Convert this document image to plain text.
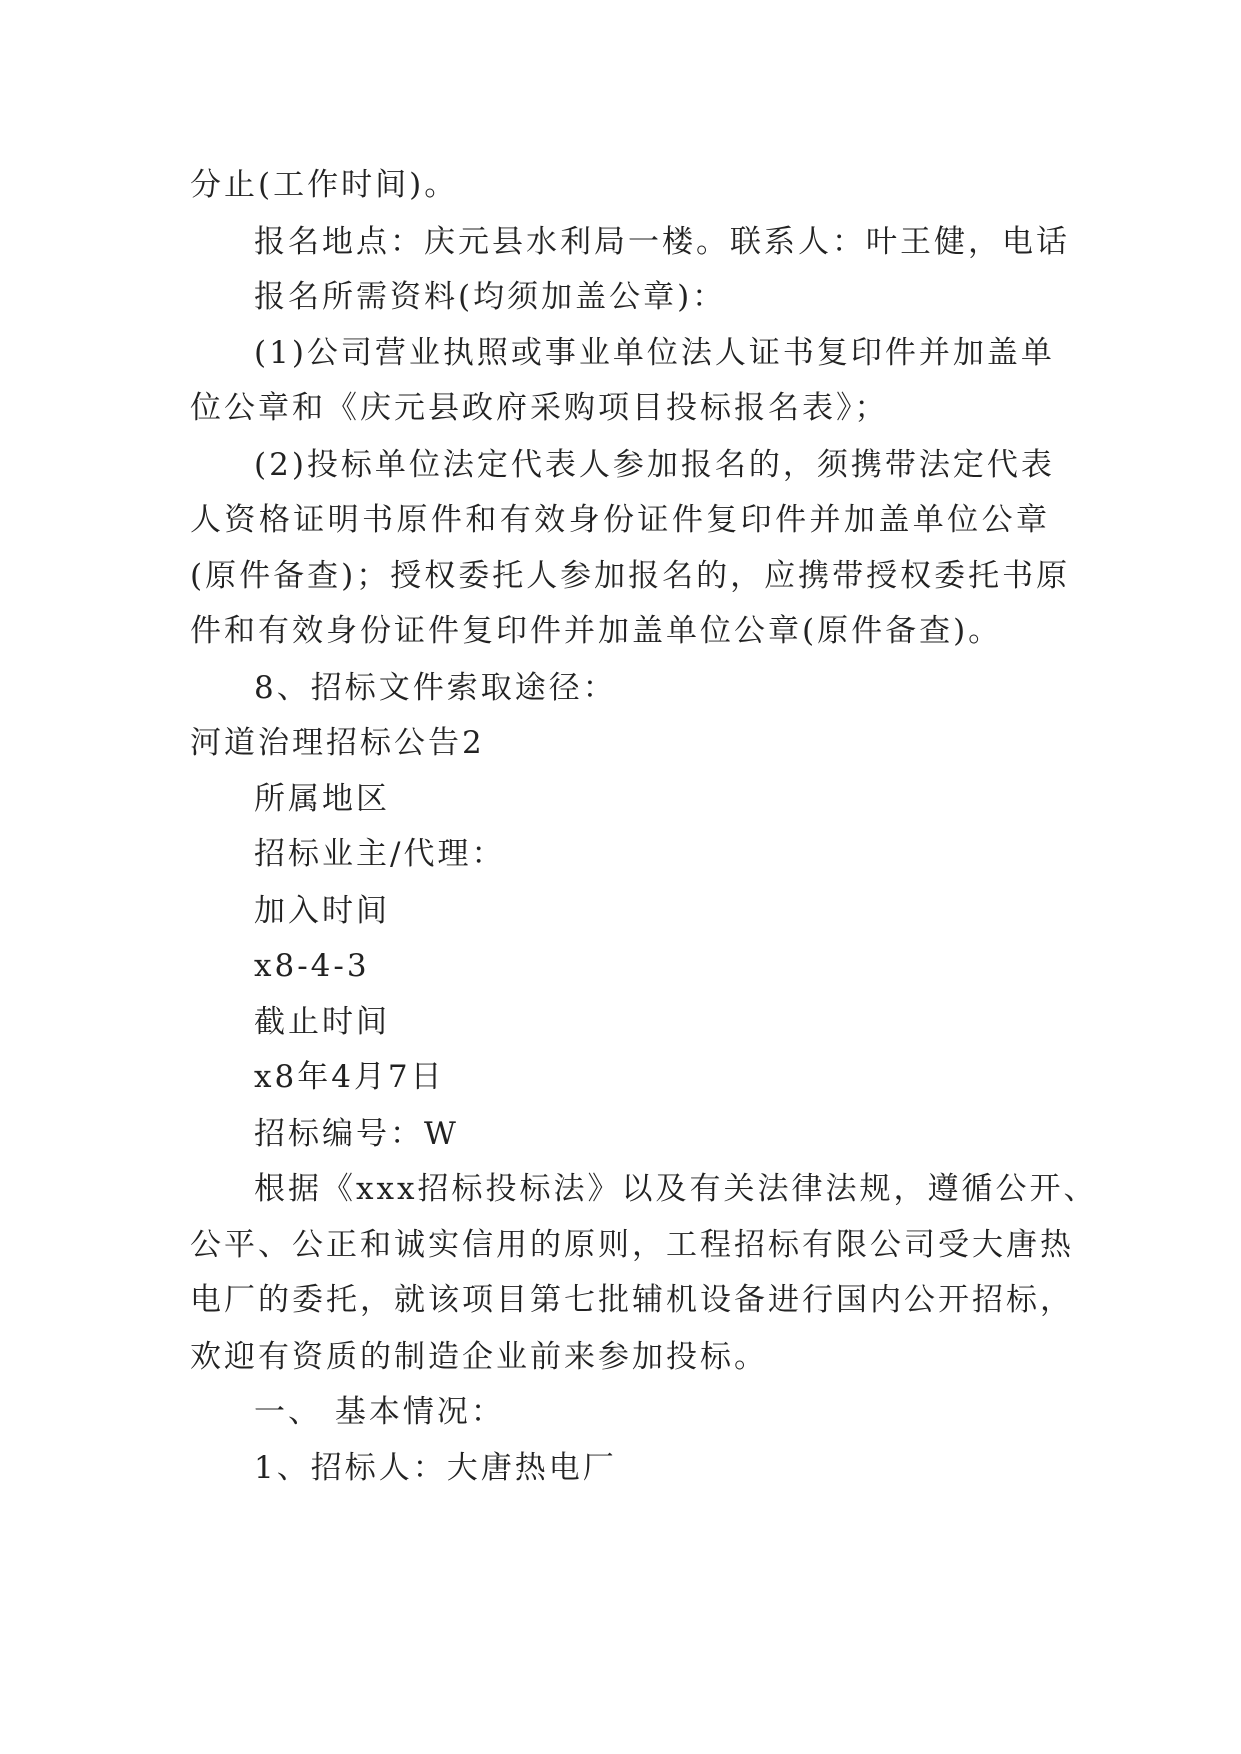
分止(工作时间)。
报名地点：庆元县水利局一楼。联系人：叶王健，电话
报名所需资料(均须加盖公章)：
(1)公司营业执照或事业单位法人证书复印件并加盖单
位公章和《庆元县政府采购项目投标报名表》；
(2)投标单位法定代表人参加报名的，须携带法定代表
人资格证明书原件和有效身份证件复印件并加盖单位公章
(原件备查)；授权委托人参加报名的，应携带授权委托书原
件和有效身份证件复印件并加盖单位公章(原件备查)。
8、招标文件索取途径：
河道治理招标公告2
所属地区
招标业主/代理：
加入时间
x8-4-3
截止时间
x8年4月7日
招标编号：W
根据《xxx招标投标法》以及有关法律法规，遵循公开、
公平、公正和诚实信用的原则，工程招标有限公司受大唐热
电厂的委托，就该项目第七批辅机设备进行国内公开招标，
欢迎有资质的制造企业前来参加投标。
一、 基本情况：
1、招标人：大唐热电厂
